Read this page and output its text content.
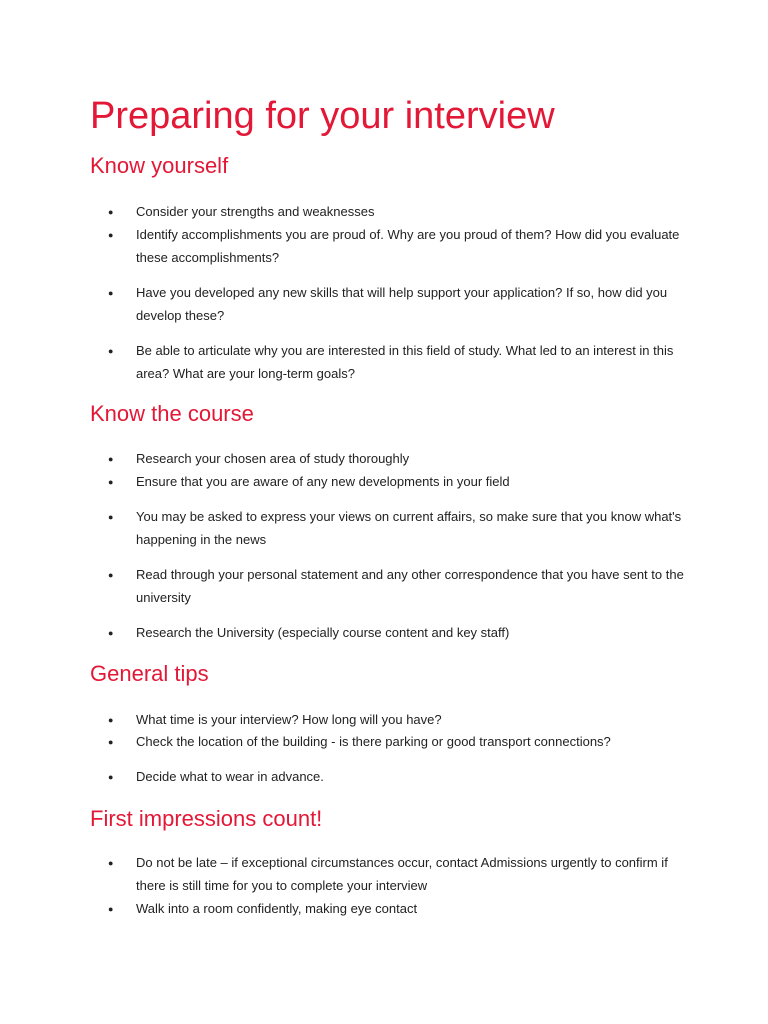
Preparing for your interview
Know yourself
●	Consider your strengths and weaknesses
●	Identify accomplishments you are proud of. Why are you proud of them? How did you evaluate these accomplishments?
●	Have you developed any new skills that will help support your application? If so, how did you develop these?
●	Be able to articulate why you are interested in this field of study. What led to an interest in this area? What are your long-term goals?
Know the course
●	Research your chosen area of study thoroughly
●	Ensure that you are aware of any new developments in your field
●	You may be asked to express your views on current affairs, so make sure that you know what's happening in the news
●	Read through your personal statement and any other correspondence that you have sent to the university
●	Research the University (especially course content and key staff)
General tips
●	What time is your interview? How long will you have?
●	Check the location of the building - is there parking or good transport connections?
●	Decide what to wear in advance.
First impressions count!
●	Do not be late – if exceptional circumstances occur, contact Admissions urgently to confirm if there is still time for you to complete your interview
●	Walk into a room confidently, making eye contact
